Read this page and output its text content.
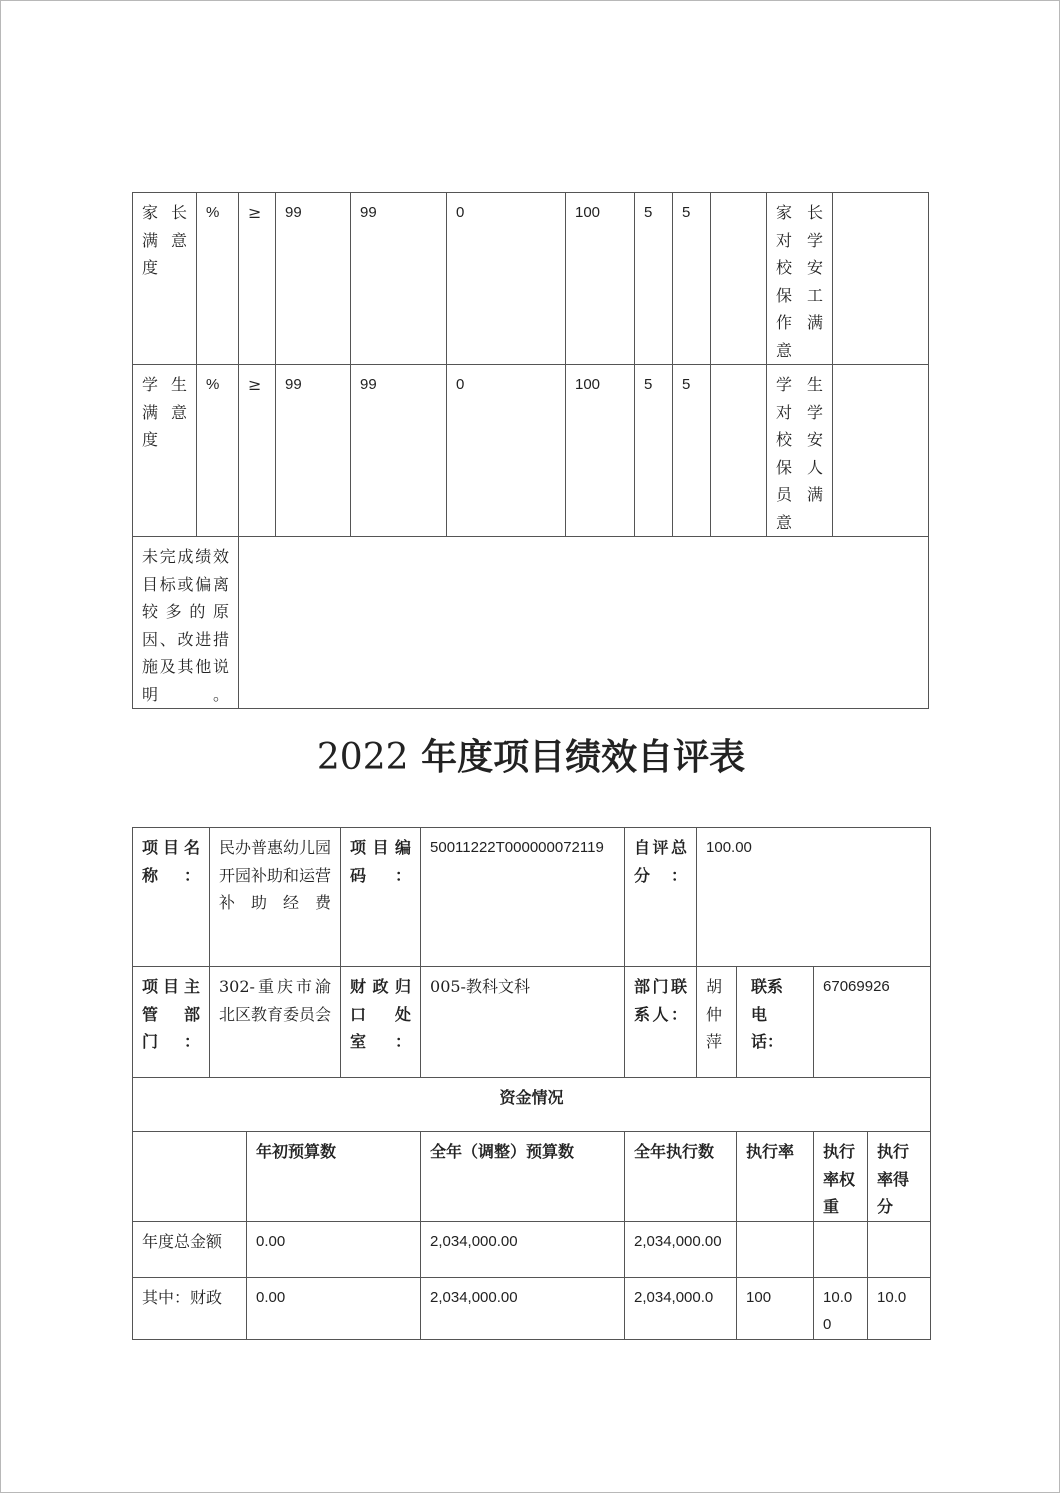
家长满意度	%	≥	99	99	0	100	5	5		家长对学校安保工作满意	
学生满意度	%	≥	99	99	0	100	5	5		学生对学校安保人员满意	
未完成绩效目标或偏离较多的原因、改进措施及其他说明。											
2022 年度项目绩效自评表
项目名称：	民办普惠幼儿园开园补助和运营补助经费		项目编码：	50011222T000000072119	自评总分：	100.00			
项目主管部门：	302-重庆市渝北区教育委员会		财政归口处室：	005-教科文科	部门联系人：	胡仲萍	联系电话：	67069926	
资金情况									
		年初预算数		全年（调整）预算数	全年执行数		执行率	执行率权重	执行率得分
年度总金额		0.00		2,034,000.00	2,034,000.00				
其中：财政		0.00		2,034,000.00	2,034,000.0		100	10.00	10.0
